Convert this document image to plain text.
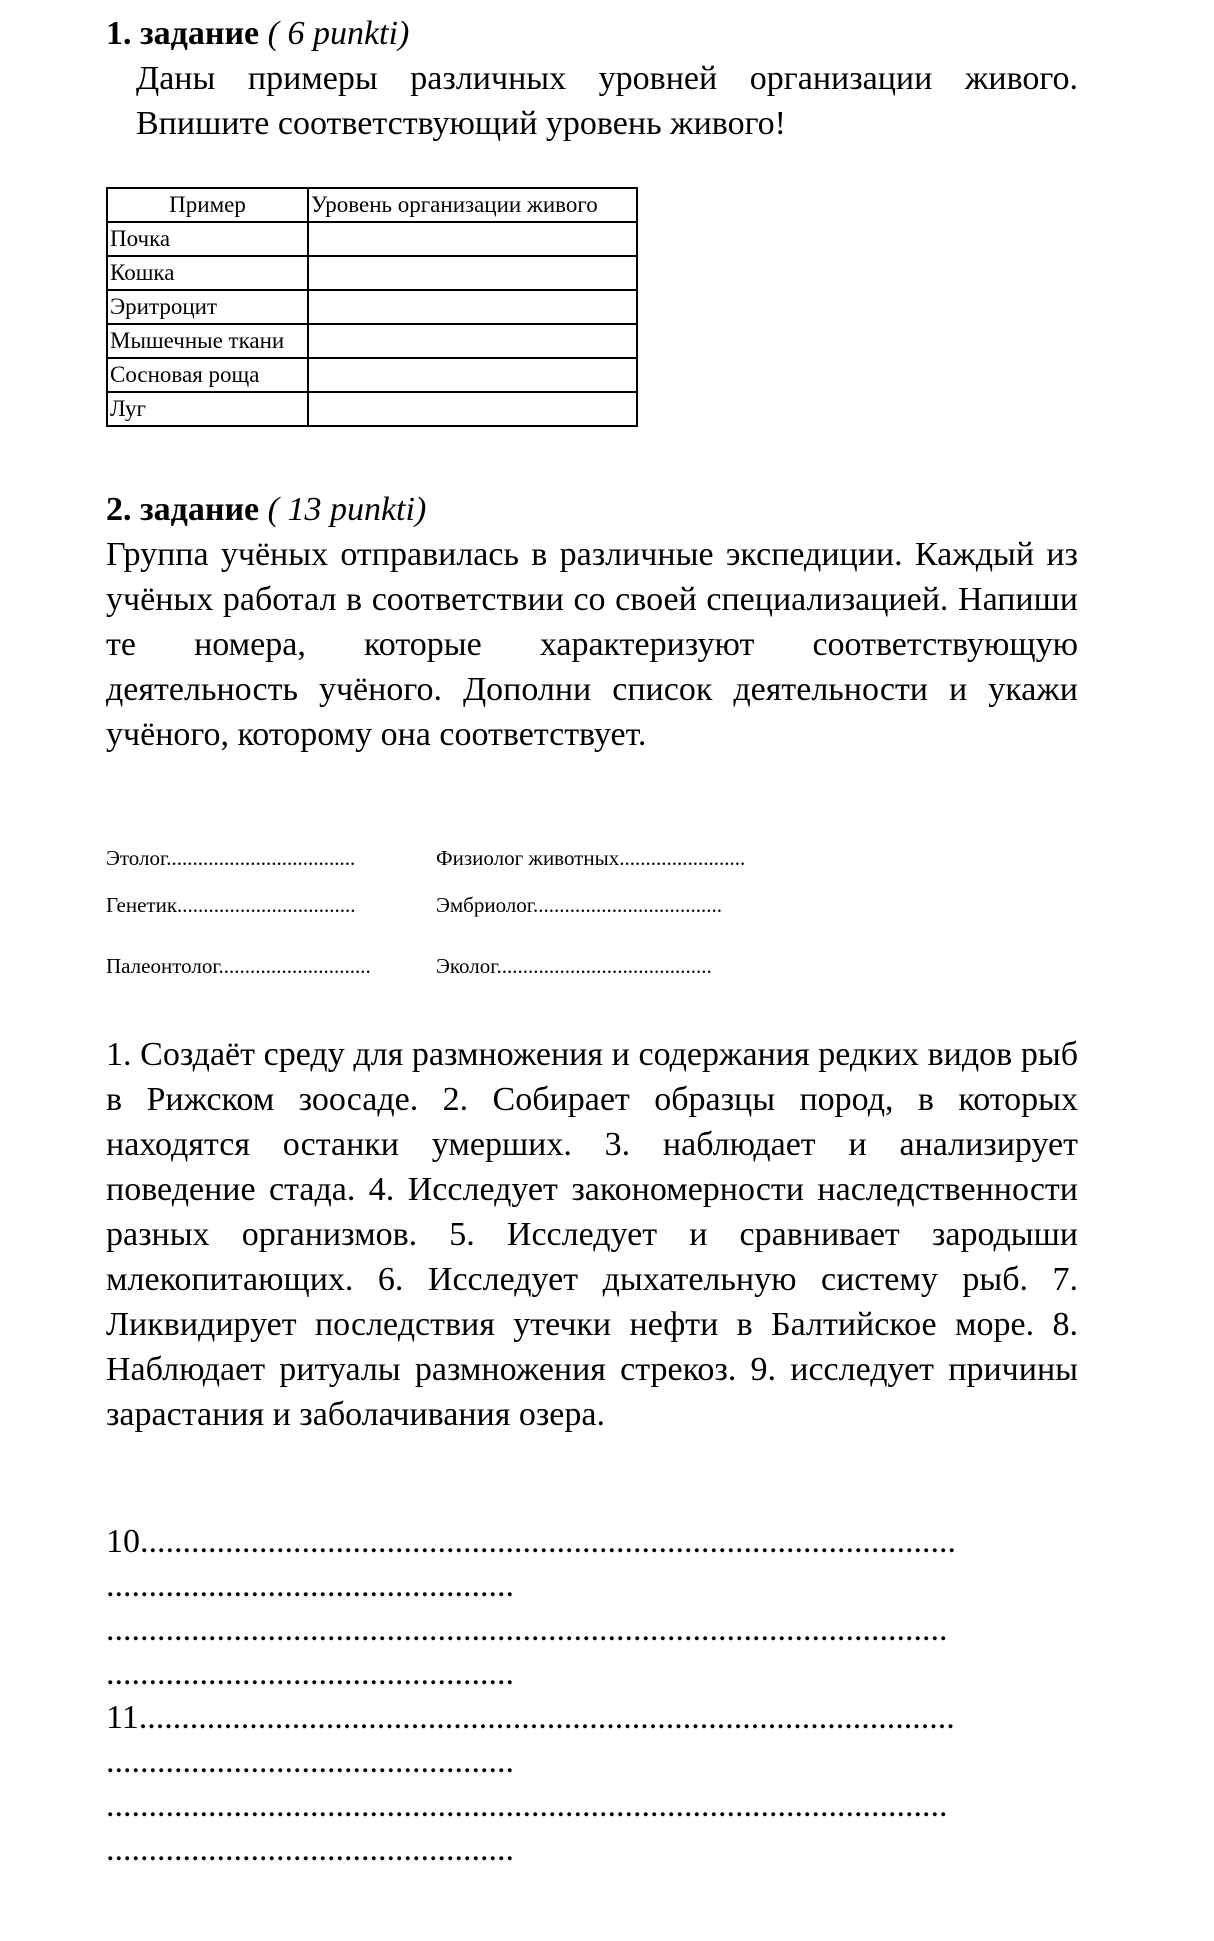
1. задание ( 6 punkti)
Даны примеры различных уровней организации живого. Впишите соответствующий уровень живого!
Пример	Уровень организации живого
Почка	
Кошка	
Эритроцит	
Мышечные ткани	
Сосновая роща	
Луг	
2. задание ( 13 punkti)
Группа учёных отправилась в различные экспедиции. Каждый из учёных работал в соответствии со своей специализацией. Напиши те номера, которые характеризуют соответствующую деятельность учёного. Дополни список деятельности и укажи учёного, которому она соответствует.
Этолог....................................	Физиолог животных........................
Генетик..................................	Эмбриолог....................................
Палеонтолог.............................	Эколог.........................................
1. Создаёт среду для размножения и содержания редких видов рыб в Рижском зоосаде. 2. Собирает образцы пород, в которых находятся останки умерших. 3. наблюдает и анализирует поведение стада. 4. Исследует закономерности наследственности разных организмов. 5. Исследует и сравнивает зародыши млекопитающих. 6. Исследует дыхательную систему рыб. 7. Ликвидирует последствия утечки нефти в Балтийское море. 8. Наблюдает ритуалы размножения стрекоз. 9. исследует причины зарастания и заболачивания озера.
10................................................................................................
................................................
...................................................................................................
................................................
11................................................................................................
................................................
...................................................................................................
................................................
